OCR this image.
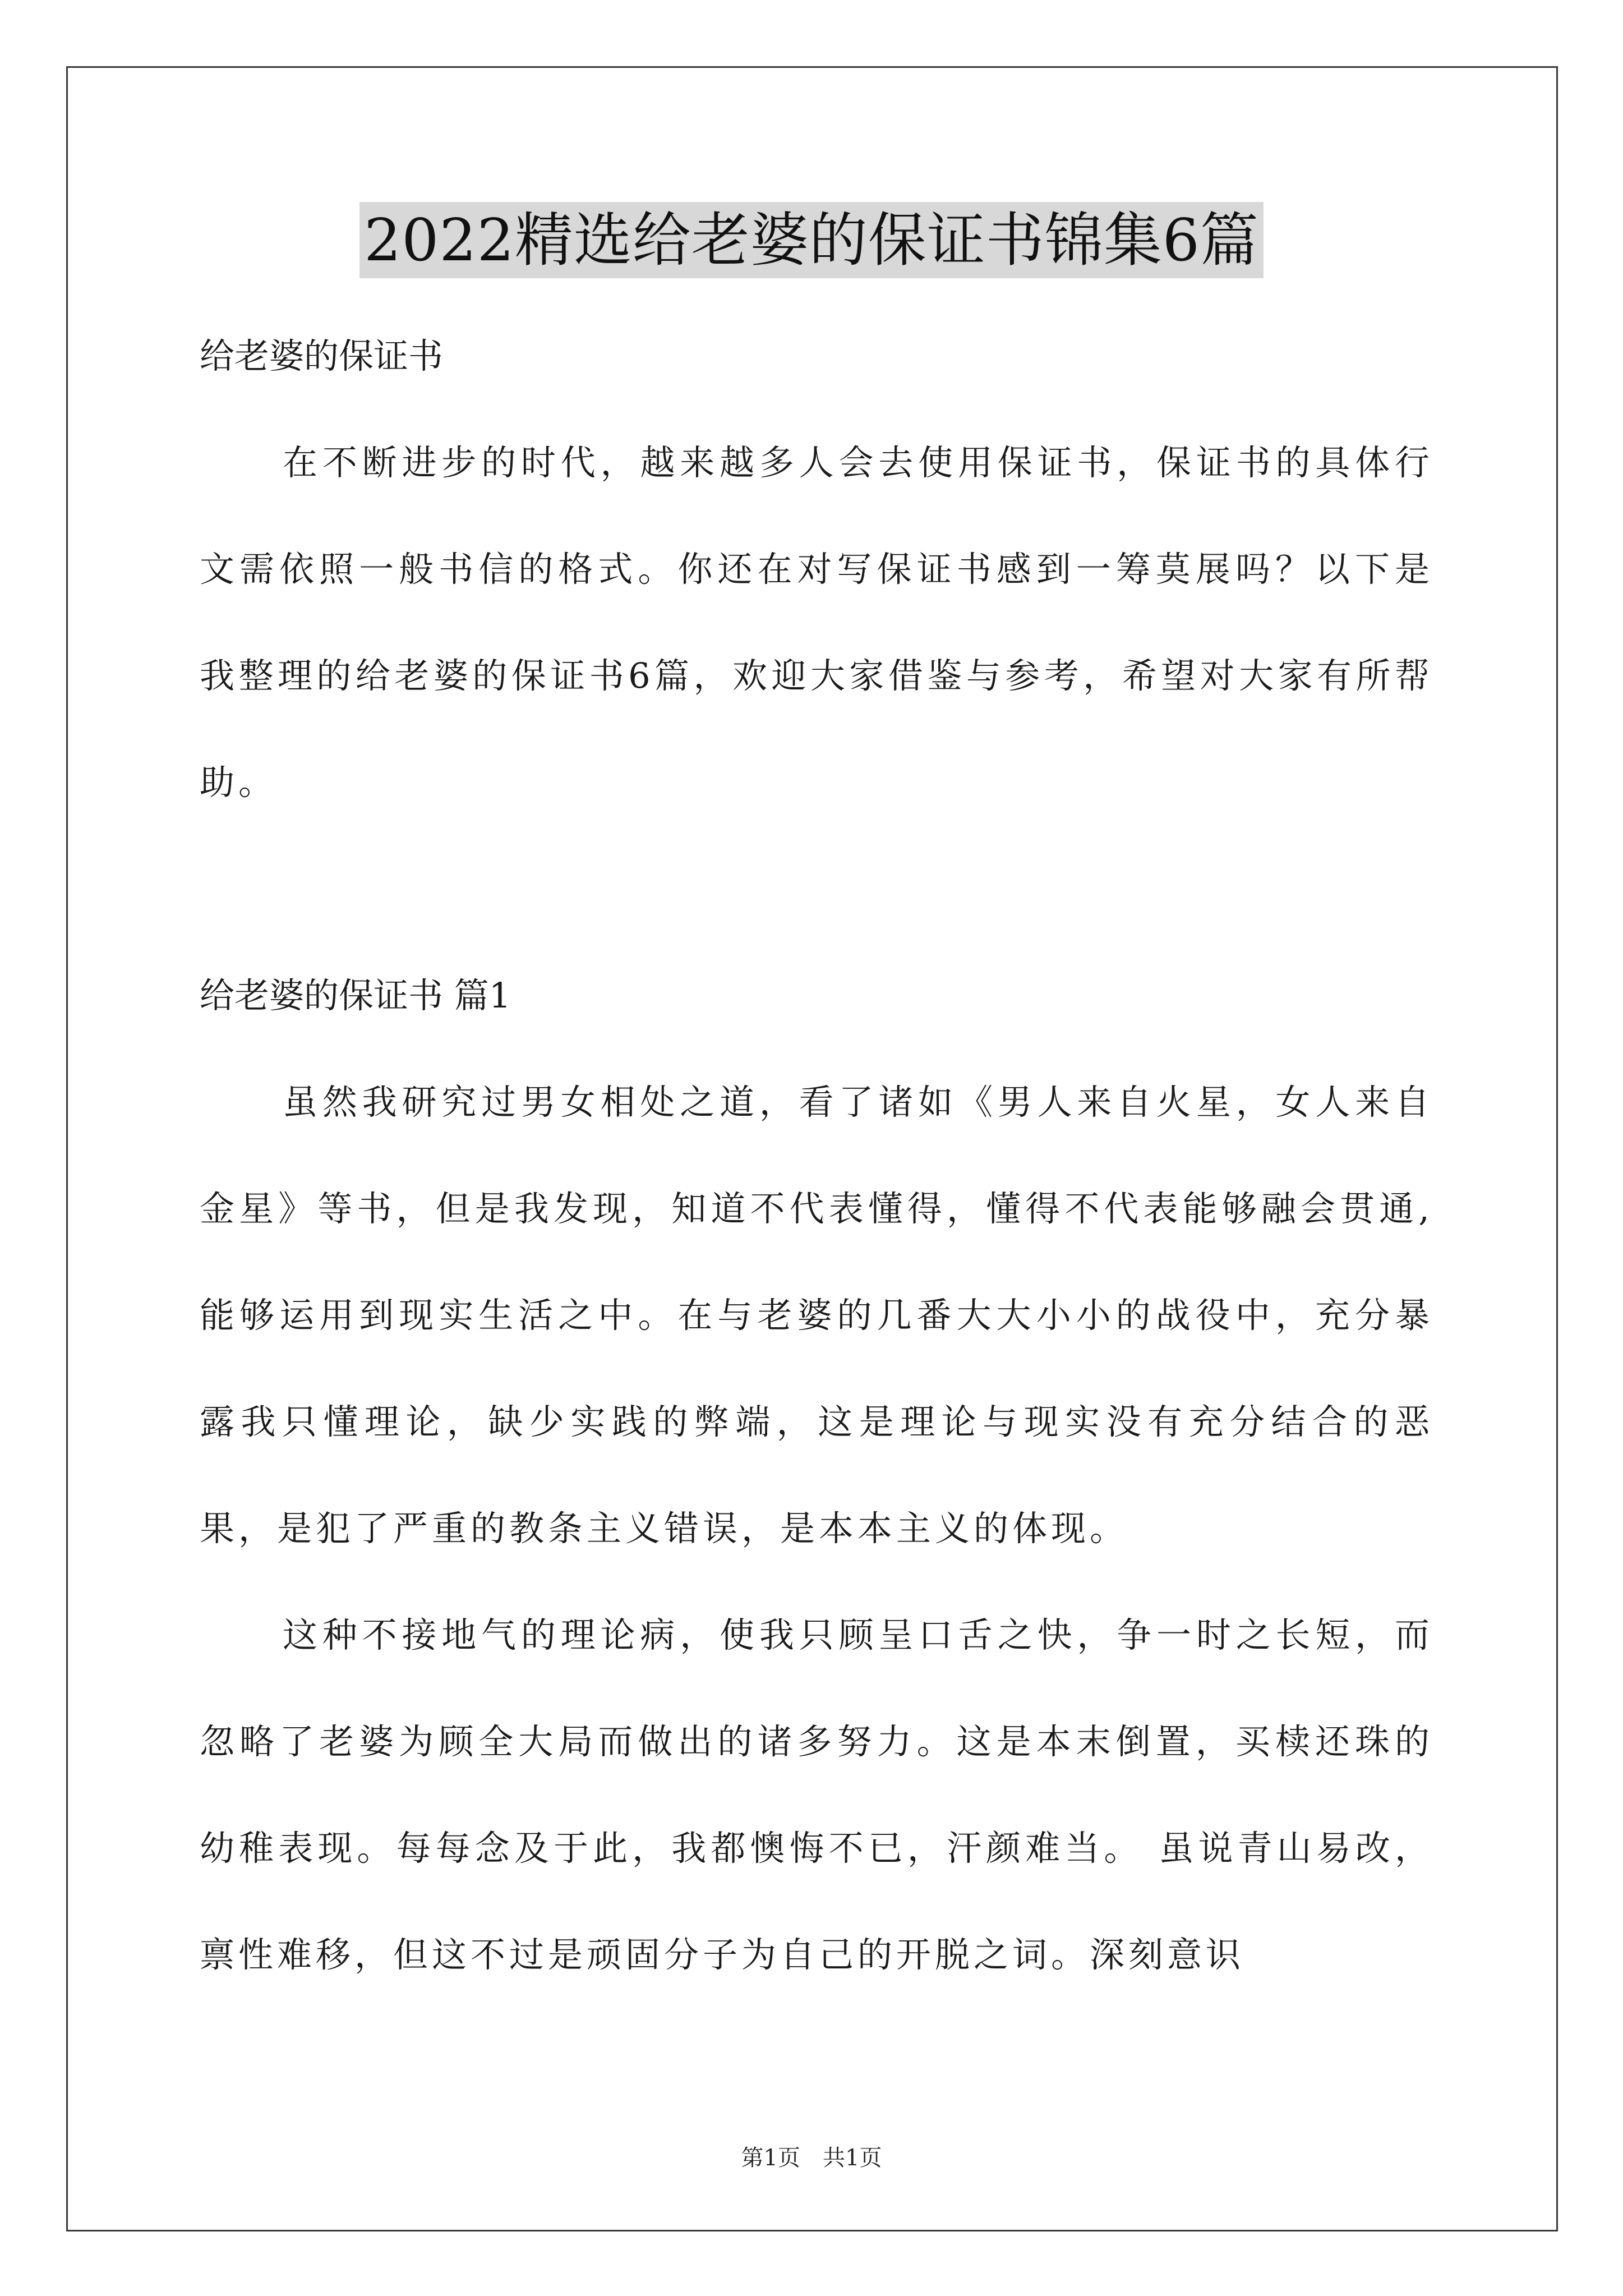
2022精选给老婆的保证书锦集6篇

给老婆的保证书

在不断进步的时代，越来越多人会去使用保证书，保证书的具体行文需依照一般书信的格式。你还在对写保证书感到一筹莫展吗？以下是我整理的给老婆的保证书6篇，欢迎大家借鉴与参考，希望对大家有所帮助。

给老婆的保证书 篇1

虽然我研究过男女相处之道，看了诸如《男人来自火星，女人来自金星》等书，但是我发现，知道不代表懂得，懂得不代表能够融会贯通,能够运用到现实生活之中。在与老婆的几番大大小小的战役中，充分暴露我只懂理论，缺少实践的弊端，这是理论与现实没有充分结合的恶果，是犯了严重的教条主义错误，是本本主义的体现。

这种不接地气的理论病，使我只顾呈口舌之快，争一时之长短，而忽略了老婆为顾全大局而做出的诸多努力。这是本末倒置，买椟还珠的幼稚表现。每每念及于此，我都懊悔不已，汗颜难当。 虽说青山易改，禀性难移，但这不过是顽固分子为自己的开脱之词。深刻意识

第1页　共1页
